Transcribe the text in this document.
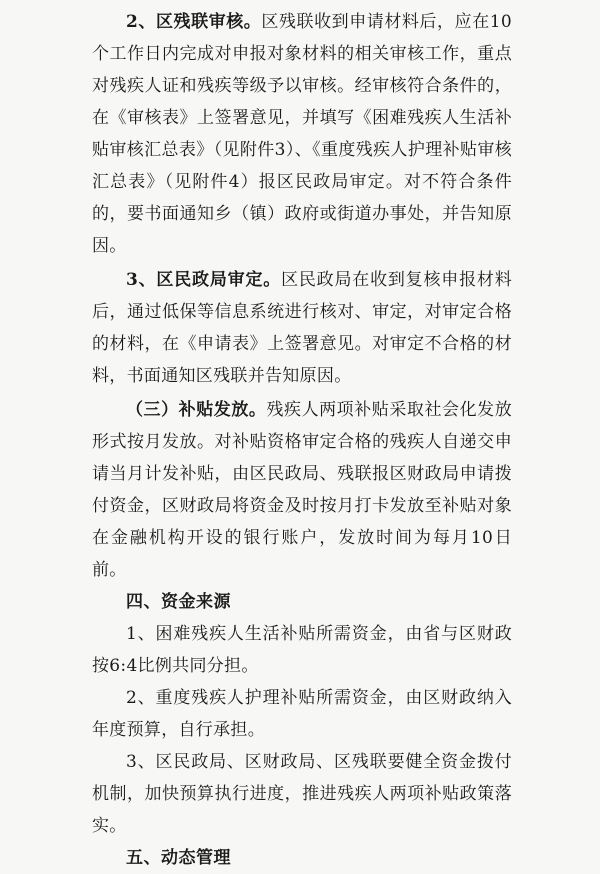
2、区残联审核。区残联收到申请材料后，应在10个工作日内完成对申报对象材料的相关审核工作，重点对残疾人证和残疾等级予以审核。经审核符合条件的，在《审核表》上签署意见，并填写《困难残疾人生活补贴审核汇总表》（见附件3）、《重度残疾人护理补贴审核汇总表》（见附件4）报区民政局审定。对不符合条件的，要书面通知乡（镇）政府或街道办事处，并告知原因。

3、区民政局审定。区民政局在收到复核申报材料后，通过低保等信息系统进行核对、审定，对审定合格的材料，在《申请表》上签署意见。对审定不合格的材料，书面通知区残联并告知原因。

（三）补贴发放。残疾人两项补贴采取社会化发放形式按月发放。对补贴资格审定合格的残疾人自递交申请当月计发补贴，由区民政局、残联报区财政局申请拨付资金，区财政局将资金及时按月打卡发放至补贴对象在金融机构开设的银行账户，发放时间为每月10日前。

四、资金来源

1、困难残疾人生活补贴所需资金，由省与区财政按6:4比例共同分担。

2、重度残疾人护理补贴所需资金，由区财政纳入年度预算，自行承担。

3、区民政局、区财政局、区残联要健全资金拨付机制，加快预算执行进度，推进残疾人两项补贴政策落实。

五、动态管理
